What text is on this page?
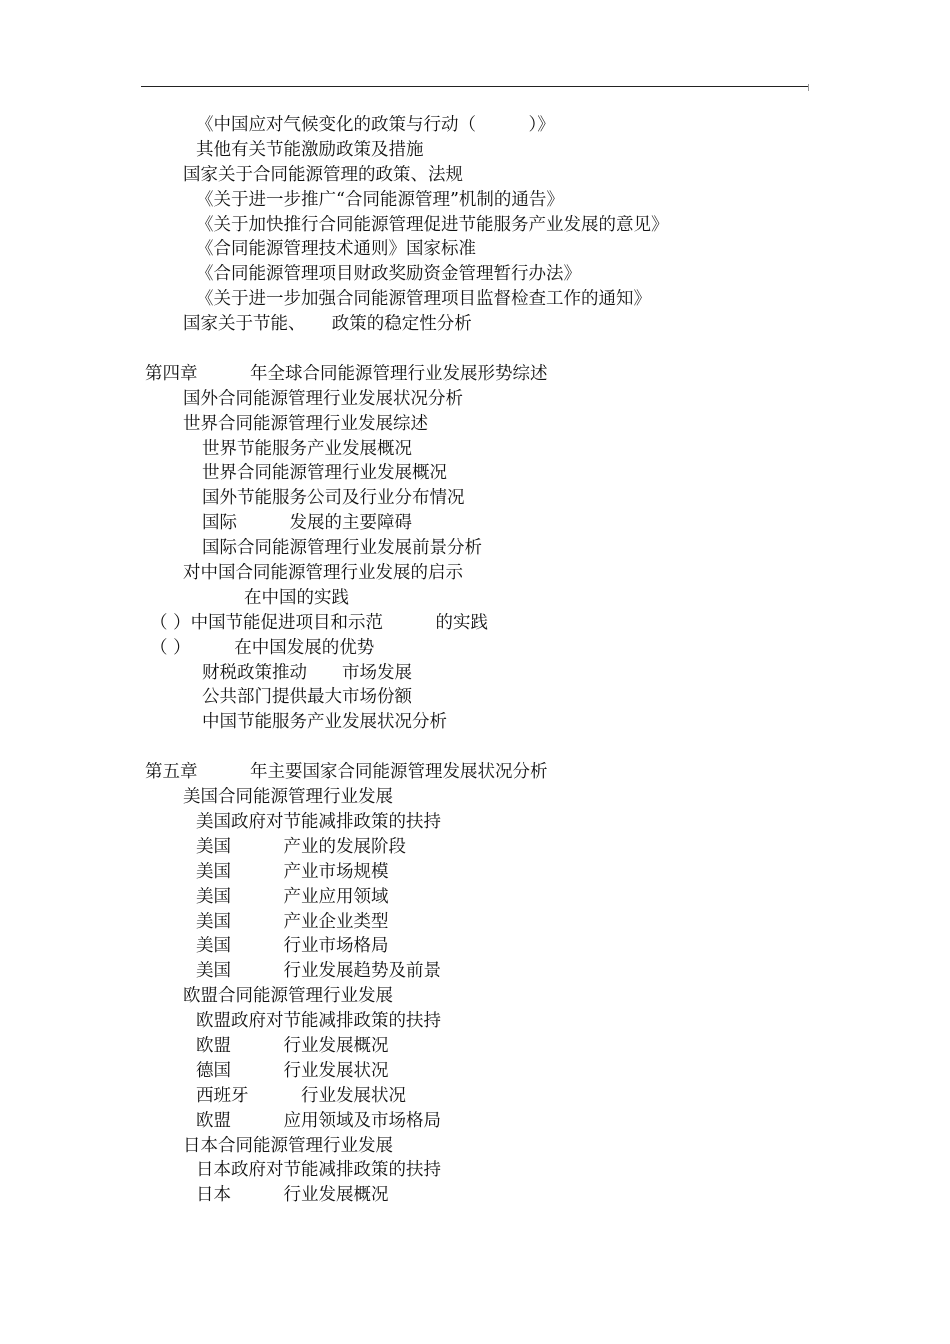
《中国应对气候变化的政策与行动（　　　）》
其他有关节能激励政策及措施
国家关于合同能源管理的政策、法规
《关于进一步推广“合同能源管理”机制的通告》
《关于加快推行合同能源管理促进节能服务产业发展的意见》
《合同能源管理技术通则》国家标准
《合同能源管理项目财政奖励资金管理暂行办法》
《关于进一步加强合同能源管理项目监督检查工作的通知》
国家关于节能、　　政策的稳定性分析
第四章　　　年全球合同能源管理行业发展形势综述
国外合同能源管理行业发展状况分析
世界合同能源管理行业发展综述
世界节能服务产业发展概况
世界合同能源管理行业发展概况
国外节能服务公司及行业分布情况
国际　　　发展的主要障碍
国际合同能源管理行业发展前景分析
对中国合同能源管理行业发展的启示
在中国的实践
（ ）中国节能促进项目和示范　　　的实践
（ ）　　　在中国发展的优势
财税政策推动　　市场发展
公共部门提供最大市场份额
中国节能服务产业发展状况分析
第五章　　　年主要国家合同能源管理发展状况分析
美国合同能源管理行业发展
美国政府对节能减排政策的扶持
美国　　　产业的发展阶段
美国　　　产业市场规模
美国　　　产业应用领域
美国　　　产业企业类型
美国　　　行业市场格局
美国　　　行业发展趋势及前景
欧盟合同能源管理行业发展
欧盟政府对节能减排政策的扶持
欧盟　　　行业发展概况
德国　　　行业发展状况
西班牙　　　行业发展状况
欧盟　　　应用领域及市场格局
日本合同能源管理行业发展
日本政府对节能减排政策的扶持
日本　　　行业发展概况
